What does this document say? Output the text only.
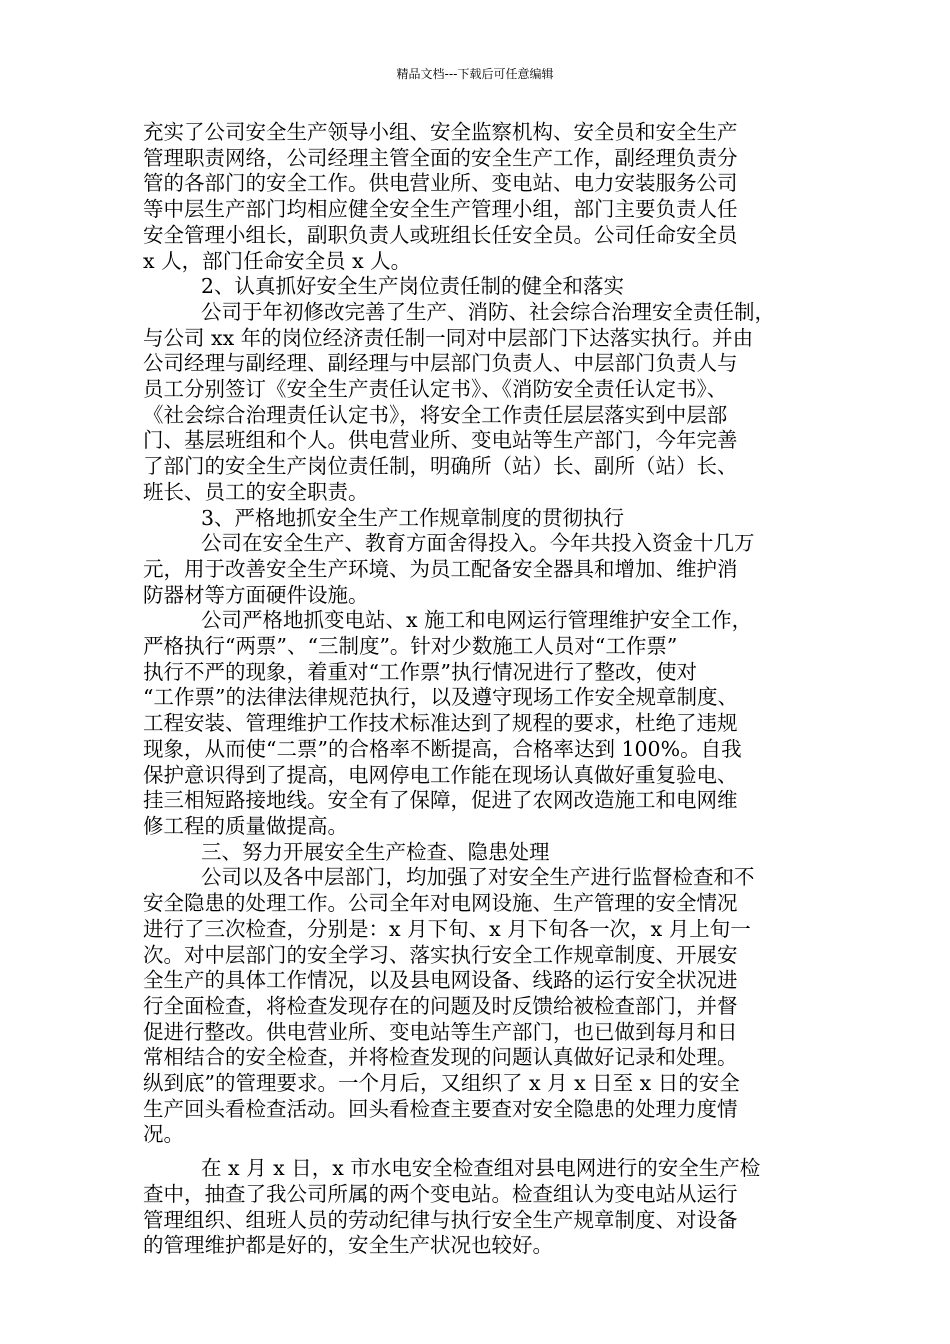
精品文档---下载后可任意编辑

充实了公司安全生产领导小组、安全监察机构、安全员和安全生产
管理职责网络，公司经理主管全面的安全生产工作，副经理负责分
管的各部门的安全工作。供电营业所、变电站、电力安装服务公司
等中层生产部门均相应健全安全生产管理小组，部门主要负责人任
安全管理小组长，副职负责人或班组长任安全员。公司任命安全员
x 人，部门任命安全员 x 人。

2、认真抓好安全生产岗位责任制的健全和落实

公司于年初修改完善了生产、消防、社会综合治理安全责任制，
与公司 xx 年的岗位经济责任制一同对中层部门下达落实执行。并由
公司经理与副经理、副经理与中层部门负责人、中层部门负责人与
员工分别签订《安全生产责任认定书》、《消防安全责任认定书》、
《社会综合治理责任认定书》，将安全工作责任层层落实到中层部
门、基层班组和个人。供电营业所、变电站等生产部门，今年完善
了部门的安全生产岗位责任制，明确所（站）长、副所（站）长、
班长、员工的安全职责。

3、严格地抓安全生产工作规章制度的贯彻执行

公司在安全生产、教育方面舍得投入。今年共投入资金十几万
元，用于改善安全生产环境、为员工配备安全器具和增加、维护消
防器材等方面硬件设施。

公司严格地抓变电站、x 施工和电网运行管理维护安全工作，
严格执行“两票”、“三制度”。针对少数施工人员对“工作票”
执行不严的现象，着重对“工作票”执行情况进行了整改，使对
“工作票”的法律法律规范执行，以及遵守现场工作安全规章制度、
工程安装、管理维护工作技术标准达到了规程的要求，杜绝了违规
现象，从而使“二票”的合格率不断提高，合格率达到 100%。自我
保护意识得到了提高，电网停电工作能在现场认真做好重复验电、
挂三相短路接地线。安全有了保障，促进了农网改造施工和电网维
修工程的质量做提高。

三、努力开展安全生产检查、隐患处理

公司以及各中层部门，均加强了对安全生产进行监督检查和不
安全隐患的处理工作。公司全年对电网设施、生产管理的安全情况
进行了三次检查，分别是：x 月下旬、x 月下旬各一次，x 月上旬一
次。对中层部门的安全学习、落实执行安全工作规章制度、开展安
全生产的具体工作情况，以及县电网设备、线路的运行安全状况进
行全面检查，将检查发现存在的问题及时反馈给被检查部门，并督
促进行整改。供电营业所、变电站等生产部门，也已做到每月和日
常相结合的安全检查，并将检查发现的问题认真做好记录和处理。
纵到底”的管理要求。一个月后，又组织了 x 月 x 日至 x 日的安全
生产回头看检查活动。回头看检查主要查对安全隐患的处理力度情
况。

在 x 月 x 日，x 市水电安全检查组对县电网进行的安全生产检
查中，抽查了我公司所属的两个变电站。检查组认为变电站从运行
管理组织、组班人员的劳动纪律与执行安全生产规章制度、对设备
的管理维护都是好的，安全生产状况也较好。
